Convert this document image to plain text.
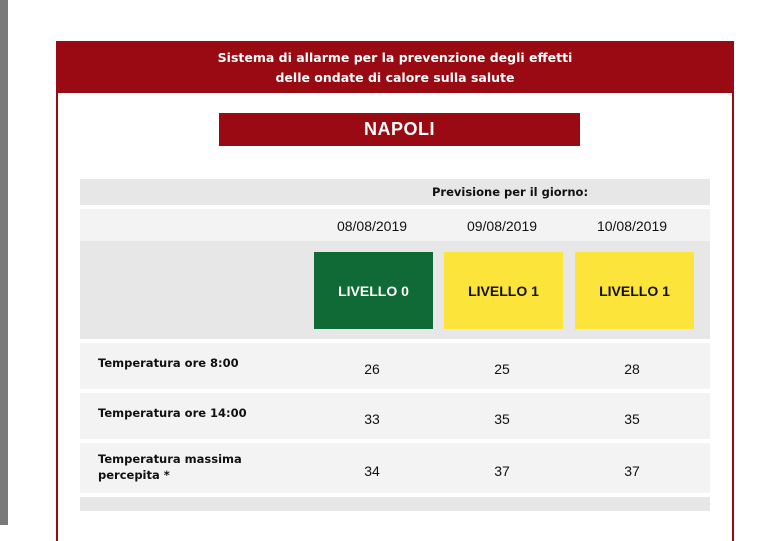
Sistema di allarme per la prevenzione degli effetti
delle ondate di calore sulla salute
NAPOLI
Previsione per il giorno:
08/08/2019	09/08/2019	10/08/2019
LIVELLO 0	LIVELLO 1	LIVELLO 1
Temperatura ore 8:00	26	25	28
Temperatura ore 14:00	33	35	35
Temperatura massima
percepita *	34	37	37
